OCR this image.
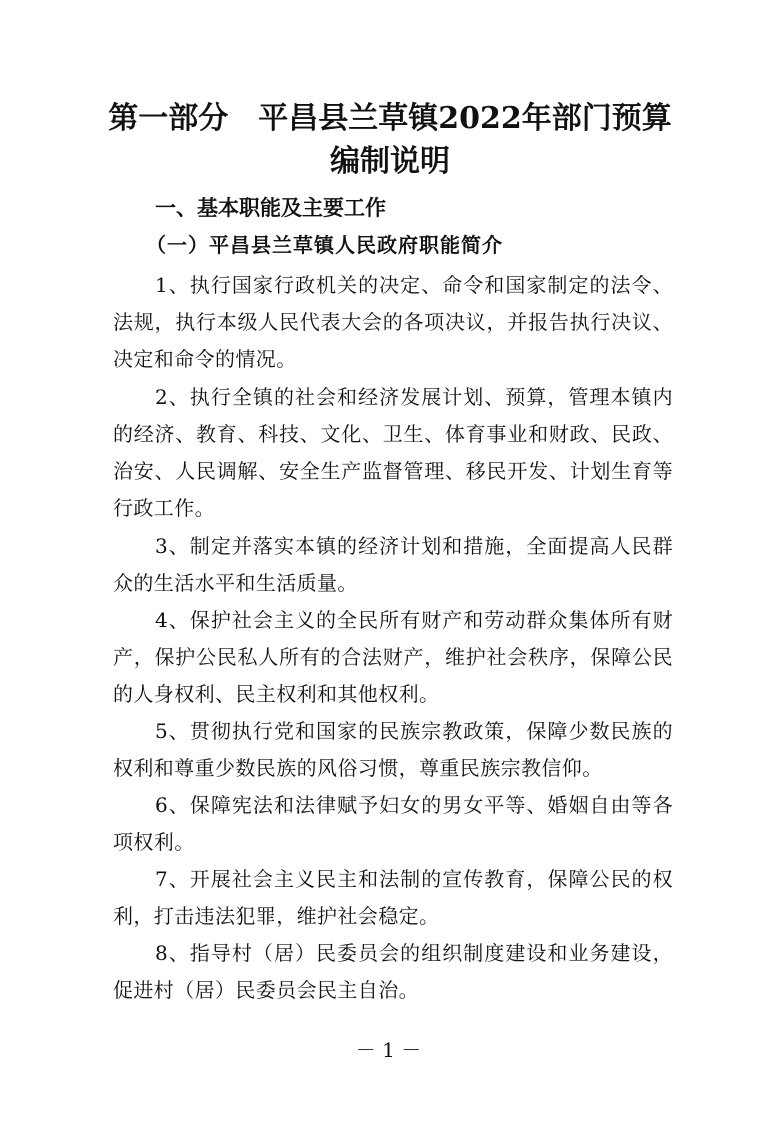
第一部分　平昌县兰草镇2022年部门预算
编制说明
一、基本职能及主要工作
（一）平昌县兰草镇人民政府职能简介

1、执行国家行政机关的决定、命令和国家制定的法令、法规，执行本级人民代表大会的各项决议，并报告执行决议、决定和命令的情况。

2、执行全镇的社会和经济发展计划、预算，管理本镇内的经济、教育、科技、文化、卫生、体育事业和财政、民政、治安、人民调解、安全生产监督管理、移民开发、计划生育等行政工作。

3、制定并落实本镇的经济计划和措施，全面提高人民群众的生活水平和生活质量。

4、保护社会主义的全民所有财产和劳动群众集体所有财产，保护公民私人所有的合法财产，维护社会秩序，保障公民的人身权利、民主权利和其他权利。

5、贯彻执行党和国家的民族宗教政策，保障少数民族的权利和尊重少数民族的风俗习惯，尊重民族宗教信仰。

6、保障宪法和法律赋予妇女的男女平等、婚姻自由等各项权利。

7、开展社会主义民主和法制的宣传教育，保障公民的权利，打击违法犯罪，维护社会稳定。

8、指导村（居）民委员会的组织制度建设和业务建设，促进村（居）民委员会民主自治。

－ 1 －
